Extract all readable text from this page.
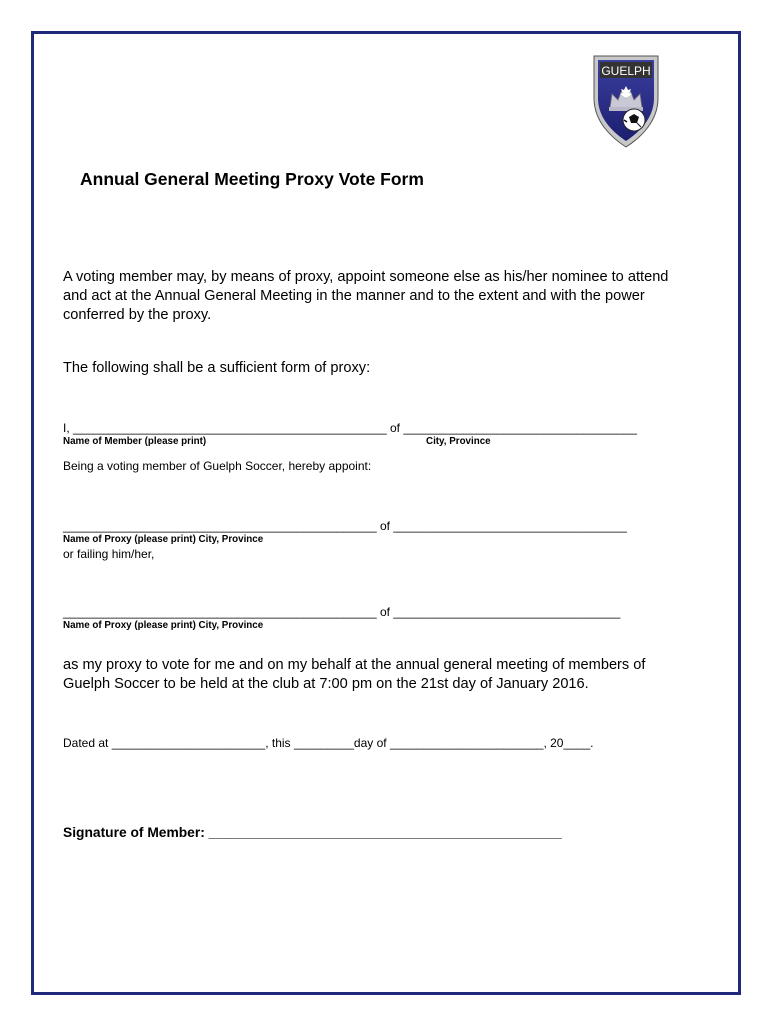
GUELPH
Annual General Meeting Proxy Vote Form
A voting member may, by means of proxy, appoint someone else as his/her nominee to attend
and act at the Annual General Meeting in the manner and to the extent and with the power
conferred by the proxy.
The following shall be a sufficient form of proxy:
I, _______________________________________________ of ___________________________________
Name of Member (please print)	City, Province
Being a voting member of Guelph Soccer, hereby appoint:
_______________________________________________ of ___________________________________
Name of Proxy (please print) City, Province
or failing him/her,
_______________________________________________ of __________________________________
Name of Proxy (please print) City, Province
as my proxy to vote for me and on my behalf at the annual general meeting of members of
Guelph Soccer to be held at the club at 7:00 pm on the 21st day of January 2016.
Dated at _______________________, this _________day of _______________________, 20____.
Signature of Member: ______________________________________________
